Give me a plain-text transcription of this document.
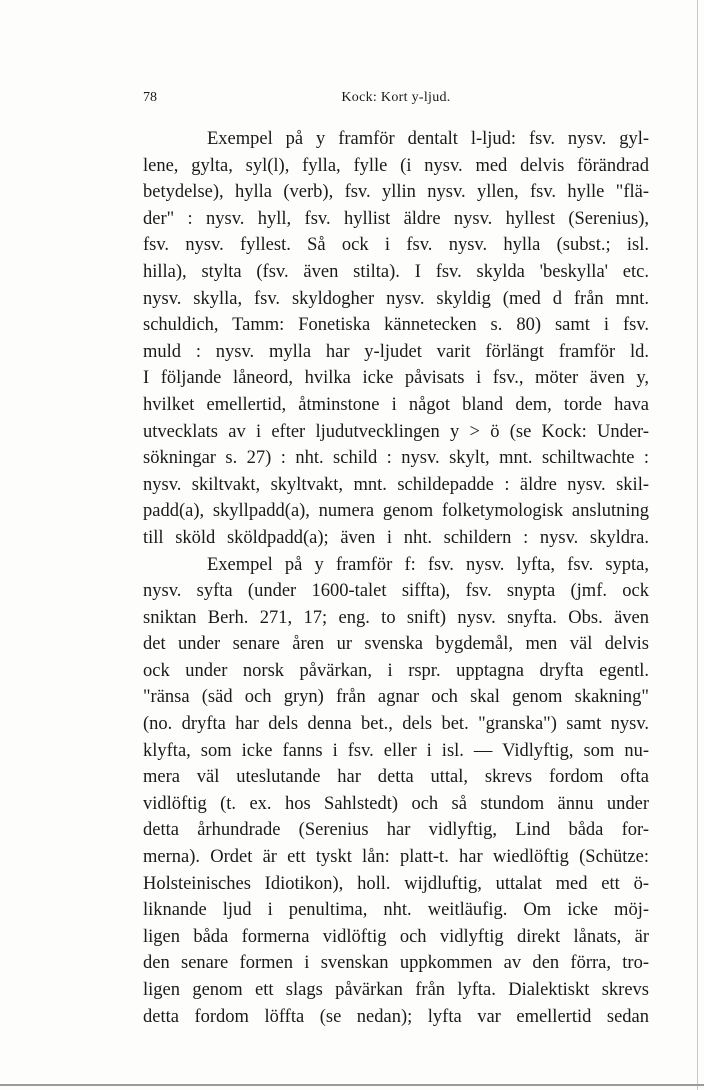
78	Kock: Kort y-ljud.
Exempel på y framför dentalt l-ljud: fsv. nysv. gyl-
lene, gylta, syl(l), fylla, fylle (i nysv. med delvis förändrad
betydelse), hylla (verb), fsv. yllin nysv. yllen, fsv. hylle "flä-
der" : nysv. hyll, fsv. hyllist äldre nysv. hyllest (Serenius),
fsv. nysv. fyllest. Så ock i fsv. nysv. hylla (subst.; isl.
hilla), stylta (fsv. även stilta). I fsv. skylda 'beskylla' etc.
nysv. skylla, fsv. skyldogher nysv. skyldig (med d från mnt.
schuldich, Tamm: Fonetiska kännetecken s. 80) samt i fsv.
muld : nysv. mylla har y-ljudet varit förlängt framför ld.
I följande låneord, hvilka icke påvisats i fsv., möter även y,
hvilket emellertid, åtminstone i något bland dem, torde hava
utvecklats av i efter ljudutvecklingen y > ö (se Kock: Under-
sökningar s. 27) : nht. schild : nysv. skylt, mnt. schiltwachte :
nysv. skiltvakt, skyltvakt, mnt. schildepadde : äldre nysv. skil-
padd(a), skyllpadd(a), numera genom folketymologisk anslutning
till sköld sköldpadd(a); även i nht. schildern : nysv. skyldra.
Exempel på y framför f: fsv. nysv. lyfta, fsv. sypta,
nysv. syfta (under 1600-talet siffta), fsv. snypta (jmf. ock
sniktan Berh. 271, 17; eng. to snift) nysv. snyfta. Obs. även
det under senare åren ur svenska bygdemål, men väl delvis
ock under norsk påvärkan, i rspr. upptagna dryfta egentl.
"ränsa (säd och gryn) från agnar och skal genom skakning"
(no. dryfta har dels denna bet., dels bet. "granska") samt nysv.
klyfta, som icke fanns i fsv. eller i isl. — Vidlyftig, som nu-
mera väl uteslutande har detta uttal, skrevs fordom ofta
vidlöftig (t. ex. hos Sahlstedt) och så stundom ännu under
detta århundrade (Serenius har vidlyftig, Lind båda for-
merna). Ordet är ett tyskt lån: platt-t. har wiedlöftig (Schütze:
Holsteinisches Idiotikon), holl. wijdluftig, uttalat med ett ö-
liknande ljud i penultima, nht. weitläufig. Om icke möj-
ligen båda formerna vidlöftig och vidlyftig direkt lånats, är
den senare formen i svenskan uppkommen av den förra, tro-
ligen genom ett slags påvärkan från lyfta. Dialektiskt skrevs
detta fordom löffta (se nedan); lyfta var emellertid sedan
